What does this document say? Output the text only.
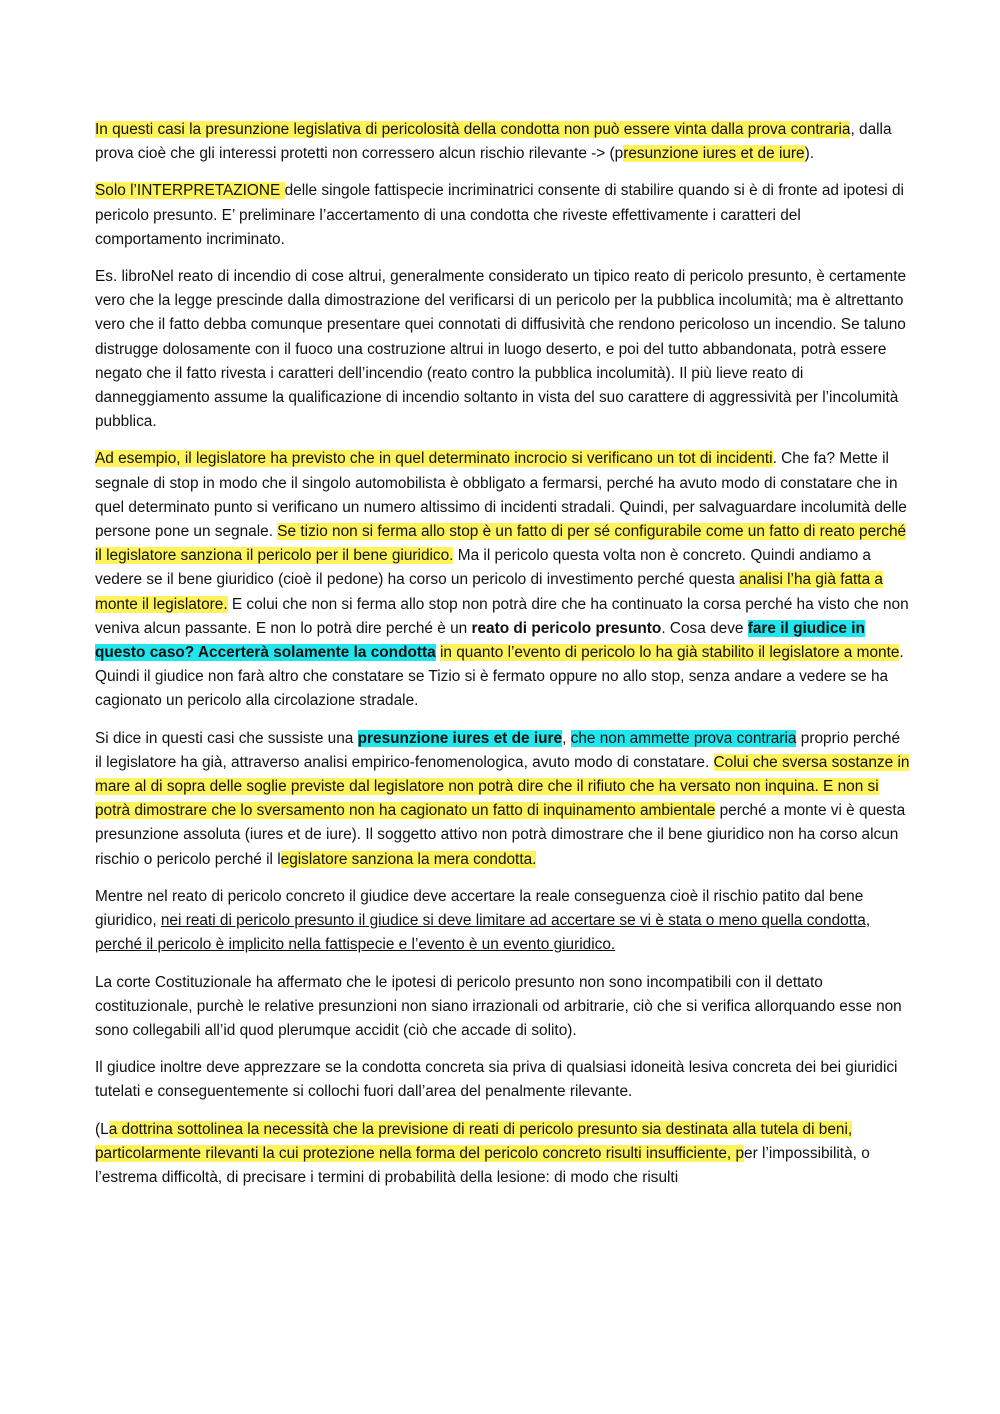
In questi casi la presunzione legislativa di pericolosità della condotta non può essere vinta dalla prova contraria, dalla prova cioè che gli interessi protetti non corressero alcun rischio rilevante -> (presunzione iures et de iure).

Solo l’INTERPRETAZIONE delle singole fattispecie incriminatrici consente di stabilire quando si è di fronte ad ipotesi di pericolo presunto. E’ preliminare l’accertamento di una condotta che riveste effettivamente i caratteri del comportamento incriminato.

Es. libroNel reato di incendio di cose altrui, generalmente considerato un tipico reato di pericolo presunto, è certamente vero che la legge prescinde dalla dimostrazione del verificarsi di un pericolo per la pubblica incolumità; ma è altrettanto vero che il fatto debba comunque presentare quei connotati di diffusività che rendono pericoloso un incendio. Se taluno distrugge dolosamente con il fuoco una costruzione altrui in luogo deserto, e poi del tutto abbandonata, potrà essere negato che il fatto rivesta i caratteri dell’incendio (reato contro la pubblica incolumità). Il più lieve reato di danneggiamento assume la qualificazione di incendio soltanto in vista del suo carattere di aggressività per l’incolumità pubblica.

Ad esempio, il legislatore ha previsto che in quel determinato incrocio si verificano un tot di incidenti. Che fa? Mette il segnale di stop in modo che il singolo automobilista è obbligato a fermarsi, perché ha avuto modo di constatare che in quel determinato punto si verificano un numero altissimo di incidenti stradali. Quindi, per salvaguardare incolumità delle persone pone un segnale. Se tizio non si ferma allo stop è un fatto di per sé configurabile come un fatto di reato perché il legislatore sanziona il pericolo per il bene giuridico. Ma il pericolo questa volta non è concreto. Quindi andiamo a vedere se il bene giuridico (cioè il pedone) ha corso un pericolo di investimento perché questa analisi l’ha già fatta a monte il legislatore. E colui che non si ferma allo stop non potrà dire che ha continuato la corsa perché ha visto che non veniva alcun passante. E non lo potrà dire perché è un reato di pericolo presunto. Cosa deve fare il giudice in questo caso? Accerterà solamente la condotta in quanto l’evento di pericolo lo ha già stabilito il legislatore a monte. Quindi il giudice non farà altro che constatare se Tizio si è fermato oppure no allo stop, senza andare a vedere se ha cagionato un pericolo alla circolazione stradale.

Si dice in questi casi che sussiste una presunzione iures et de iure, che non ammette prova contraria proprio perché il legislatore ha già, attraverso analisi empirico-fenomenologica, avuto modo di constatare. Colui che sversa sostanze in mare al di sopra delle soglie previste dal legislatore non potrà dire che il rifiuto che ha versato non inquina. E non si potrà dimostrare che lo sversamento non ha cagionato un fatto di inquinamento ambientale perché a monte vi è questa presunzione assoluta (iures et de iure). Il soggetto attivo non potrà dimostrare che il bene giuridico non ha corso alcun rischio o pericolo perché il legislatore sanziona la mera condotta.

Mentre nel reato di pericolo concreto il giudice deve accertare la reale conseguenza cioè il rischio patito dal bene giuridico, nei reati di pericolo presunto il giudice si deve limitare ad accertare se vi è stata o meno quella condotta, perché il pericolo è implicito nella fattispecie e l’evento è un evento giuridico.

La corte Costituzionale ha affermato che le ipotesi di pericolo presunto non sono incompatibili con il dettato costituzionale, purchè le relative presunzioni non siano irrazionali od arbitrarie, ciò che si verifica allorquando esse non sono collegabili all’id quod plerumque accidit (ciò che accade di solito).

Il giudice inoltre deve apprezzare se la condotta concreta sia priva di qualsiasi idoneità lesiva concreta dei bei giuridici tutelati e conseguentemente si collochi fuori dall’area del penalmente rilevante.

(La dottrina sottolinea la necessità che la previsione di reati di pericolo presunto sia destinata alla tutela di beni, particolarmente rilevanti la cui protezione nella forma del pericolo concreto risulti insufficiente, per l’impossibilità, o l’estrema difficoltà, di precisare i termini di probabilità della lesione: di modo che risulti
